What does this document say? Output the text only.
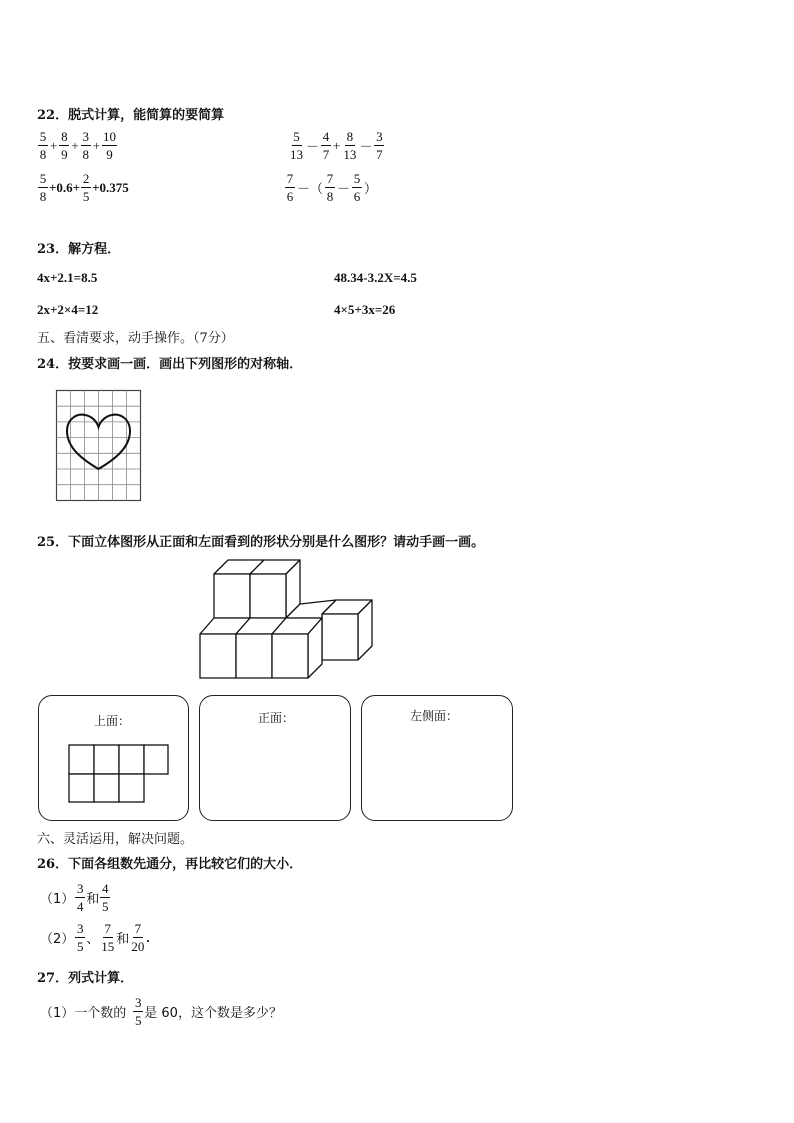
22．脱式计算，能简算的要简算
$\frac{5}{8} + \frac{8}{9} + \frac{3}{8} + \frac{10}{9}$	$\frac{5}{13} - \frac{4}{7} + \frac{8}{13} - \frac{3}{7}$
$\frac{5}{8} +0.6+ \frac{2}{5} +0.375$	$\frac{7}{6}$ －（ $\frac{7}{8} - \frac{5}{6}$ ）
23．解方程．
4x+2.1=8.5	48.34-3.2X=4.5
2x+2×4=12	4×5+3x=26
五、看清要求，动手操作。（7分）
24．按要求画一画．画出下列图形的对称轴．
25．下面立体图形从正面和左面看到的形状分别是什么图形？请动手画一画。
上面：	正面：	左侧面：
六、灵活运用，解决问题。
26．下面各组数先通分，再比较它们的大小．
$(1) \frac{3}{4}$ 和 $\frac{4}{5}$
$(2) \frac{3}{5}$ 、 $\frac{7}{15}$ 和 $\frac{7}{20}$ .
27．列式计算．
（1）一个数的 $\frac{3}{5}$ 是 60，这个数是多少？
